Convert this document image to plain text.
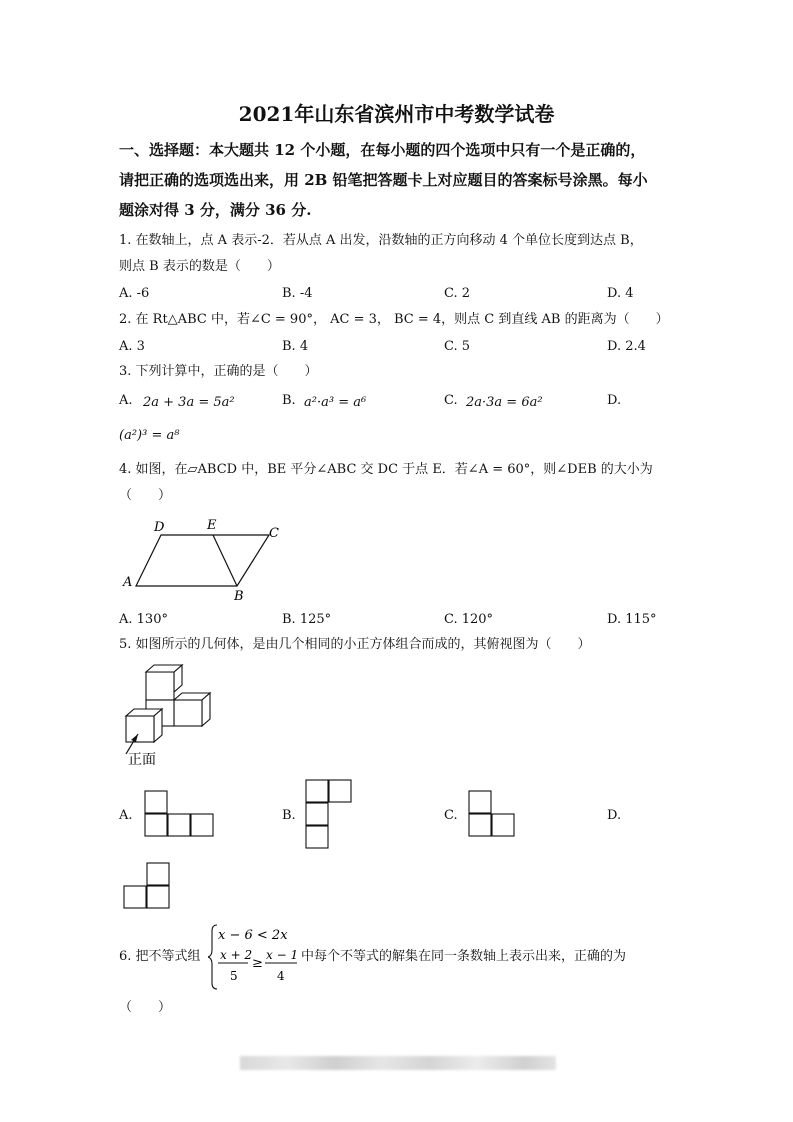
2021年山东省滨州市中考数学试卷
一、选择题：本大题共 12 个小题，在每小题的四个选项中只有一个是正确的，
请把正确的选项选出来，用 2B 铅笔把答题卡上对应题目的答案标号涂黑。每小
题涂对得 3 分，满分 36 分.
1. 在数轴上，点 A 表示-2．若从点 A 出发，沿数轴的正方向移动 4 个单位长度到达点 B，
则点 B 表示的数是（　　）
A. -6	B. -4	C. 2	D. 4
2. 在 Rt△ABC 中，若∠C = 90°， AC = 3， BC = 4，则点 C 到直线 AB 的距离为（　　）
A. 3	B. 4	C. 5	D. 2.4
3. 下列计算中，正确的是（　　）
A. 2a + 3a = 5a²	B. a²·a³ = a⁶	C. 2a·3a = 6a²	D.
(a²)³ = a⁸
4. 如图，在▱ABCD 中，BE 平分∠ABC 交 DC 于点 E．若∠A = 60°，则∠DEB 的大小为
（　　）
D	E
C
A
B
A. 130°	B. 125°	C. 120°	D. 115°
5. 如图所示的几何体，是由几个相同的小正方体组合而成的，其俯视图为（　　）
正面
A.	B.	C.	D.
6. 把不等式组
x − 6 < 2x
x + 2
5
≥
x − 1
4
中每个不等式的解集在同一条数轴上表示出来，正确的为
（　　）
